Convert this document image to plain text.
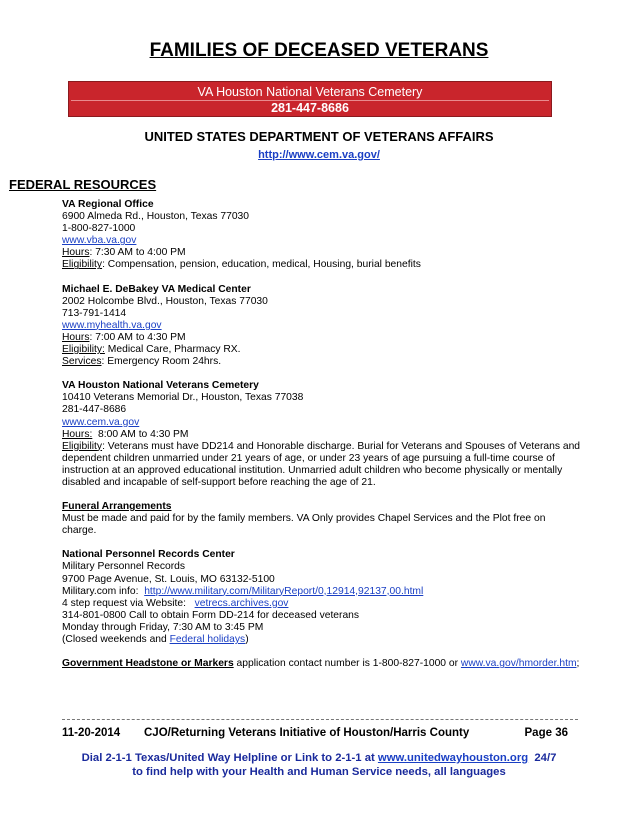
FAMILIES OF DECEASED VETERANS
VA Houston National Veterans Cemetery
281-447-8686
UNITED STATES DEPARTMENT OF VETERANS AFFAIRS
http://www.cem.va.gov/
FEDERAL RESOURCES
VA Regional Office
6900 Almeda Rd., Houston, Texas 77030
1-800-827-1000
www.vba.va.gov
Hours: 7:30 AM to 4:00 PM
Eligibility: Compensation, pension, education, medical, Housing, burial benefits
Michael E. DeBakey VA Medical Center
2002 Holcombe Blvd., Houston, Texas 77030
713-791-1414
www.myhealth.va.gov
Hours: 7:00 AM to 4:30 PM
Eligibility: Medical Care, Pharmacy RX.
Services: Emergency Room 24hrs.
VA Houston National Veterans Cemetery
10410 Veterans Memorial Dr., Houston, Texas 77038
281-447-8686
www.cem.va.gov
Hours:  8:00 AM to 4:30 PM
Eligibility: Veterans must have DD214 and Honorable discharge. Burial for Veterans and Spouses of Veterans and dependent children unmarried under 21 years of age, or under 23 years of age pursuing a full-time course of instruction at an approved educational institution. Unmarried adult children who become physically or mentally disabled and incapable of self-support before reaching the age of 21.
Funeral Arrangements
Must be made and paid for by the family members. VA Only provides Chapel Services and the Plot free on charge.
National Personnel Records Center
Military Personnel Records
9700 Page Avenue, St. Louis, MO 63132-5100
Military.com info:  http://www.military.com/MilitaryReport/0,12914,92137,00.html
4 step request via Website:   vetrecs.archives.gov
314-801-0800 Call to obtain Form DD-214 for deceased veterans
Monday through Friday, 7:30 AM to 3:45 PM
(Closed weekends and Federal holidays)
Government Headstone or Markers application contact number is 1-800-827-1000 or www.va.gov/hmorder.htm;
11-20-2014 CJO/Returning Veterans Initiative of Houston/Harris County	Page 36
Dial 2-1-1 Texas/United Way Helpline or Link to 2-1-1 at www.unitedwayhouston.org  24/7
to find help with your Health and Human Service needs, all languages
